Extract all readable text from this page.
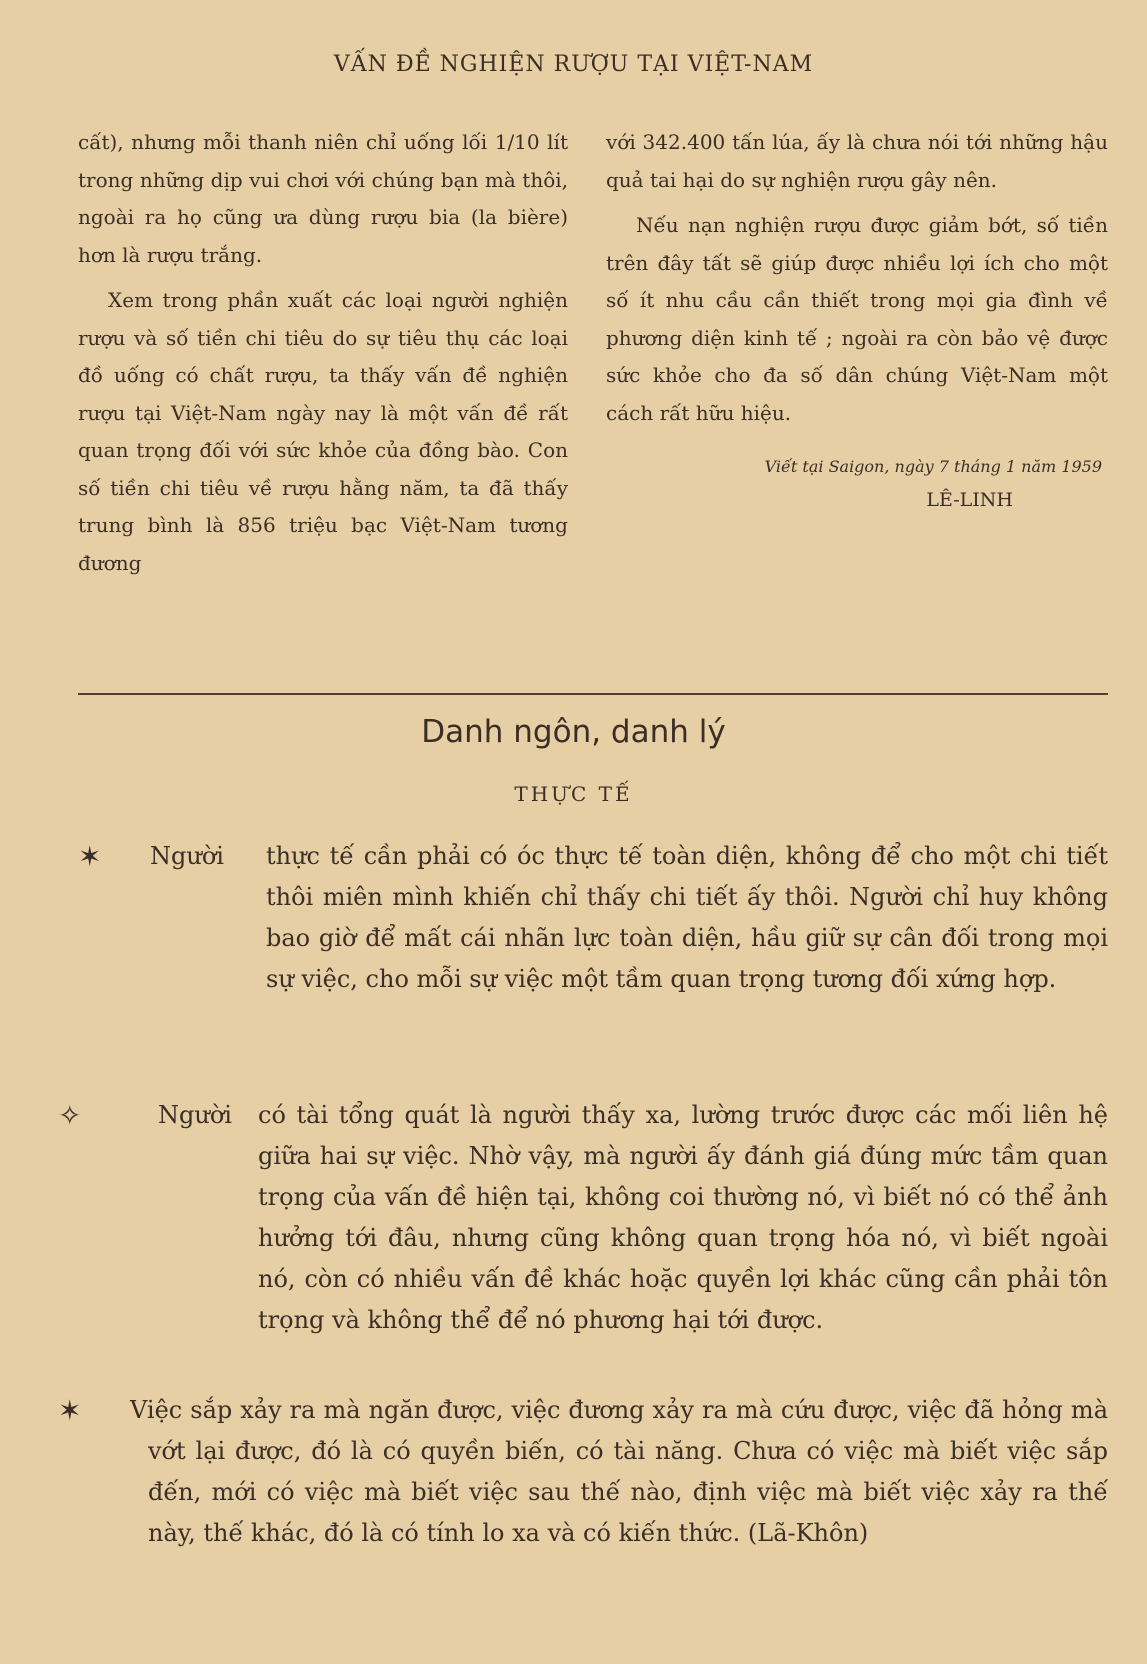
VẤN ĐỀ NGHIỆN RƯỢU TẠI VIỆT-NAM

cất), nhưng mỗi thanh niên chỉ uống lối 1/10 lít trong những dịp vui chơi với chúng bạn mà thôi, ngoài ra họ cũng ưa dùng rượu bia (la bière) hơn là rượu trắng.

Xem trong phần xuất các loại người nghiện rượu và số tiền chi tiêu do sự tiêu thụ các loại đồ uống có chất rượu, ta thấy vấn đề nghiện rượu tại Việt-Nam ngày nay là một vấn đề rất quan trọng đối với sức khỏe của đồng bào. Con số tiền chi tiêu về rượu hằng năm, ta đã thấy trung bình là 856 triệu bạc Việt-Nam tương đương

với 342.400 tấn lúa, ấy là chưa nói tới những hậu quả tai hại do sự nghiện rượu gây nên.

Nếu nạn nghiện rượu được giảm bớt, số tiền trên đây tất sẽ giúp được nhiều lợi ích cho một số ít nhu cầu cần thiết trong mọi gia đình về phương diện kinh tế ; ngoài ra còn bảo vệ được sức khỏe cho đa số dân chúng Việt-Nam một cách rất hữu hiệu.

Viết tại Saigon, ngày 7 tháng 1 năm 1959
LÊ-LINH
Danh ngôn, danh lý
THỰC TẾ
✶ Người thực tế cần phải có óc thực tế toàn diện, không để cho một chi tiết thôi miên mình khiến chỉ thấy chi tiết ấy thôi. Người chỉ huy không bao giờ để mất cái nhãn lực toàn diện, hầu giữ sự cân đối trong mọi sự việc, cho mỗi sự việc một tầm quan trọng tương đối xứng hợp.
✧	Người có tài tổng quát là người thấy xa, lường trước được các mối liên hệ giữa hai sự việc. Nhờ vậy, mà người ấy đánh giá đúng mức tầm quan trọng của vấn đề hiện tại, không coi thường nó, vì biết nó có thể ảnh hưởng tới đâu, nhưng cũng không quan trọng hóa nó, vì biết ngoài nó, còn có nhiều vấn đề khác hoặc quyền lợi khác cũng cần phải tôn trọng và không thể để nó phương hại tới được.
✶ Việc sắp xảy ra mà ngăn được, việc đương xảy ra mà cứu được, việc đã hỏng mà vớt lại được, đó là có quyền biến, có tài năng. Chưa có việc mà biết việc sắp đến, mới có việc mà biết việc sau thế nào, định việc mà biết việc xảy ra thế này, thế khác, đó là có tính lo xa và có kiến thức. (Lã-Khôn)
